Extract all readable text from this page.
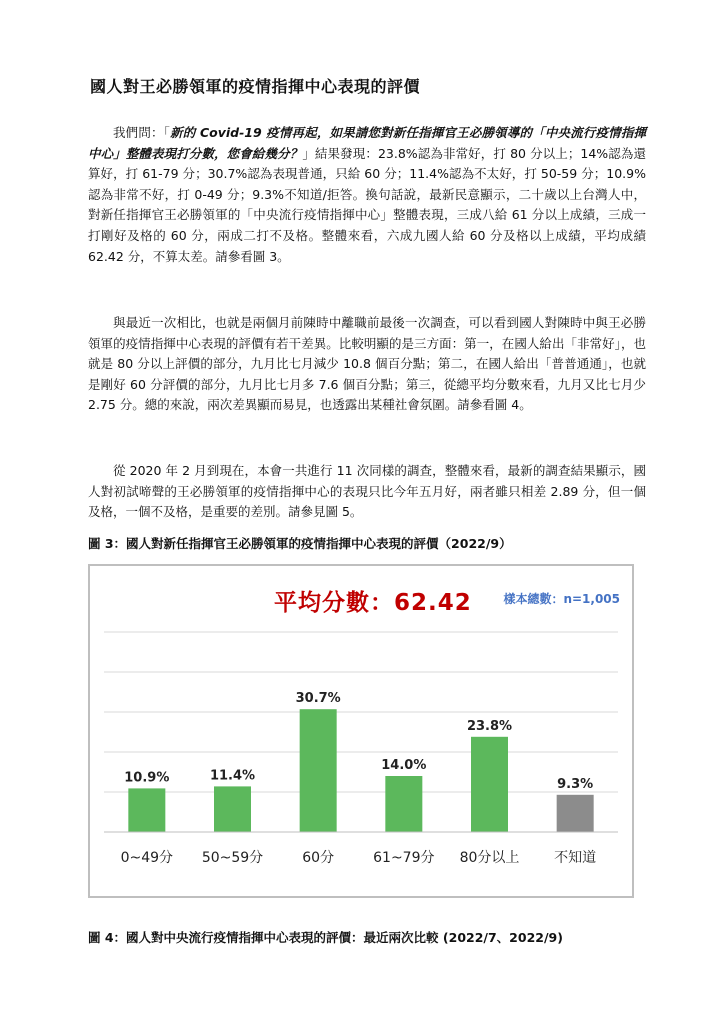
國人對王必勝領軍的疫情指揮中心表現的評價

我們問：「新的 Covid-19 疫情再起，如果請您對新任指揮官王必勝領導的「中央流行疫情指揮中心」整體表現打分數，您會給幾分？」結果發現：23.8%認為非常好，打 80 分以上；14%認為還算好，打 61-79 分；30.7%認為表現普通，只給 60 分；11.4%認為不太好，打 50-59 分；10.9%認為非常不好，打 0-49 分；9.3%不知道/拒答。換句話說，最新民意顯示，二十歲以上台灣人中，對新任指揮官王必勝領軍的「中央流行疫情指揮中心」整體表現，三成八給 61 分以上成績，三成一打剛好及格的 60 分，兩成二打不及格。整體來看，六成九國人給 60 分及格以上成績，平均成績 62.42 分，不算太差。請參看圖 3。

與最近一次相比，也就是兩個月前陳時中離職前最後一次調查，可以看到國人對陳時中與王必勝領軍的疫情指揮中心表現的評價有若干差異。比較明顯的是三方面：第一，在國人給出「非常好」，也就是 80 分以上評價的部分，九月比七月減少 10.8 個百分點；第二，在國人給出「普普通通」，也就是剛好 60 分評價的部分，九月比七月多 7.6 個百分點；第三，從總平均分數來看，九月又比七月少 2.75 分。總的來說，兩次差異顯而易見，也透露出某種社會氛圍。請參看圖 4。

從 2020 年 2 月到現在，本會一共進行 11 次同樣的調查，整體來看，最新的調查結果顯示，國人對初試啼聲的王必勝領軍的疫情指揮中心的表現只比今年五月好，兩者雖只相差 2.89 分，但一個及格，一個不及格，是重要的差別。請參見圖 5。

圖 3：國人對新任指揮官王必勝領軍的疫情指揮中心表現的評價（2022/9）
平均分數：62.42	樣本總數：n=1,005
10.9%
0~49分
11.4%
50~59分
30.7%
60分
14.0%
61~79分
23.8%
80分以上
9.3%
不知道
圖 4：國人對中央流行疫情指揮中心表現的評價：最近兩次比較 (2022/7、2022/9)
